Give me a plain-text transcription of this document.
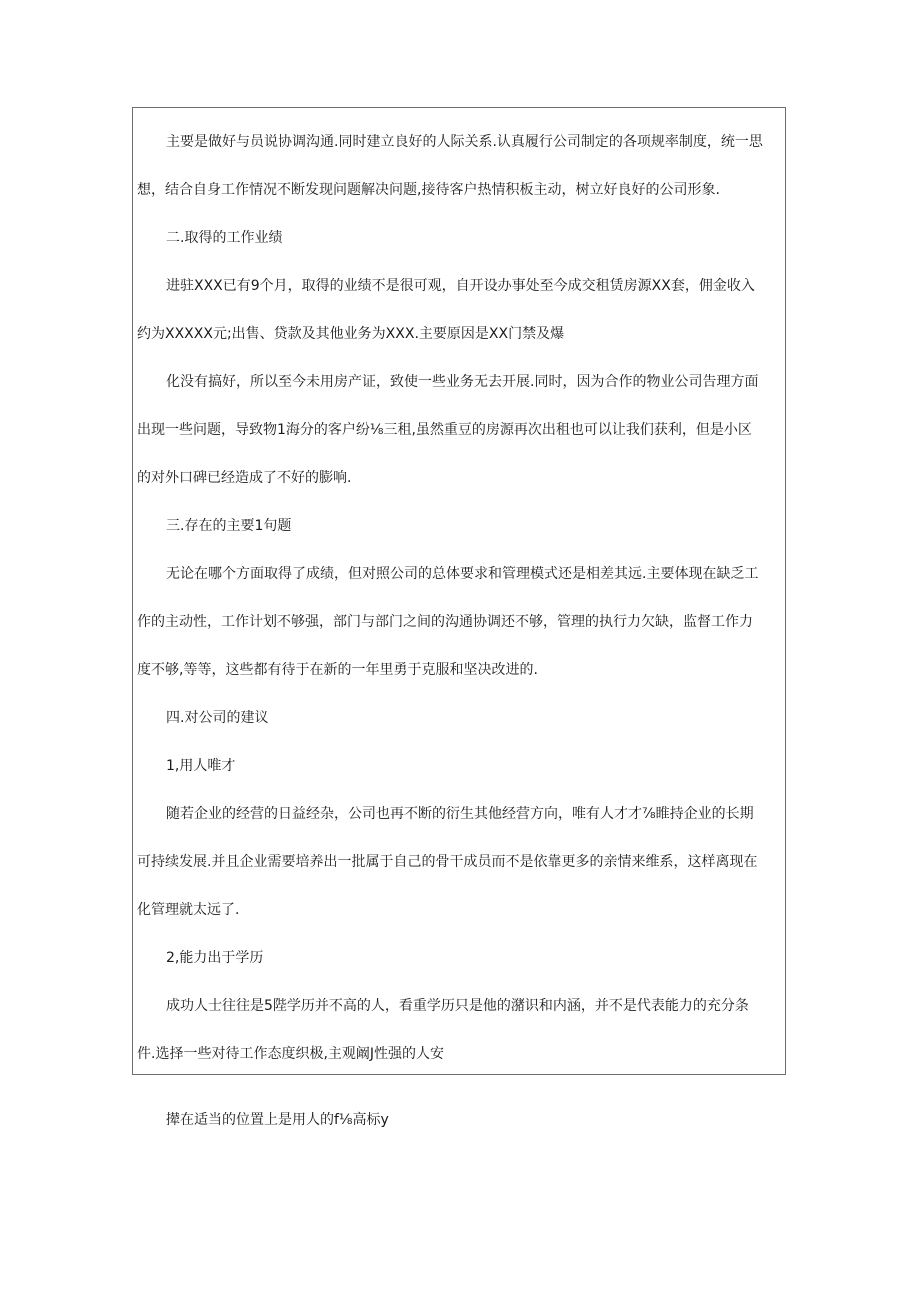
主要是做好与员说协调沟通.同时建立良好的人际关系.认真履行公司制定的各项规率制度，统一思
想，结合自身工作情况不断发现问题解决问题,接待客户热情积板主动，树立好良好的公司形象.
二.取得的工作业绩
进驻XXX已有9个月，取得的业绩不是很可观，自开设办事处至今成交租赁房源XX套，佣金收入
约为XXXXX元;出售、贷款及其他业务为XXX.主要原因是XX门禁及爆
化没有搞好，所以至今未用房产证，致使一些业务无去开展.同时，因为合作的物业公司告理方面
出现一些问题，导致物1海分的客户纷⅛三租,虽然重豆的房源再次出租也可以让我们获利，但是小区
的对外口碑已经造成了不好的膨响.
三.存在的主要1句题
无论在哪个方面取得了成绩，但对照公司的总体要求和管理模式还是相差其远.主要体现在缺乏工
作的主动性，工作计划不够强，部门与部门之间的沟通协调还不够，管理的执行力欠缺，监督工作力
度不够,等等，这些都有待于在新的一年里勇于克服和坚决改进的.
四.对公司的建议
1,用人唯才
随若企业的经营的日益经杂，公司也再不断的衍生其他经营方向，唯有人才才⅞睢持企业的长期
可持续发展.并且企业需要培养出一批属于自己的骨干成员而不是依靠更多的亲情来维系，这样离现在
化管理就太远了.
2,能力出于学历
成功人士往往是5陛学历并不高的人，看重学历只是他的潴识和内涵，并不是代表能力的充分条
件.选择一些对待工作态度织极,主观阚J性强的人安
撵在适当的位置上是用人的f⅛高标y
